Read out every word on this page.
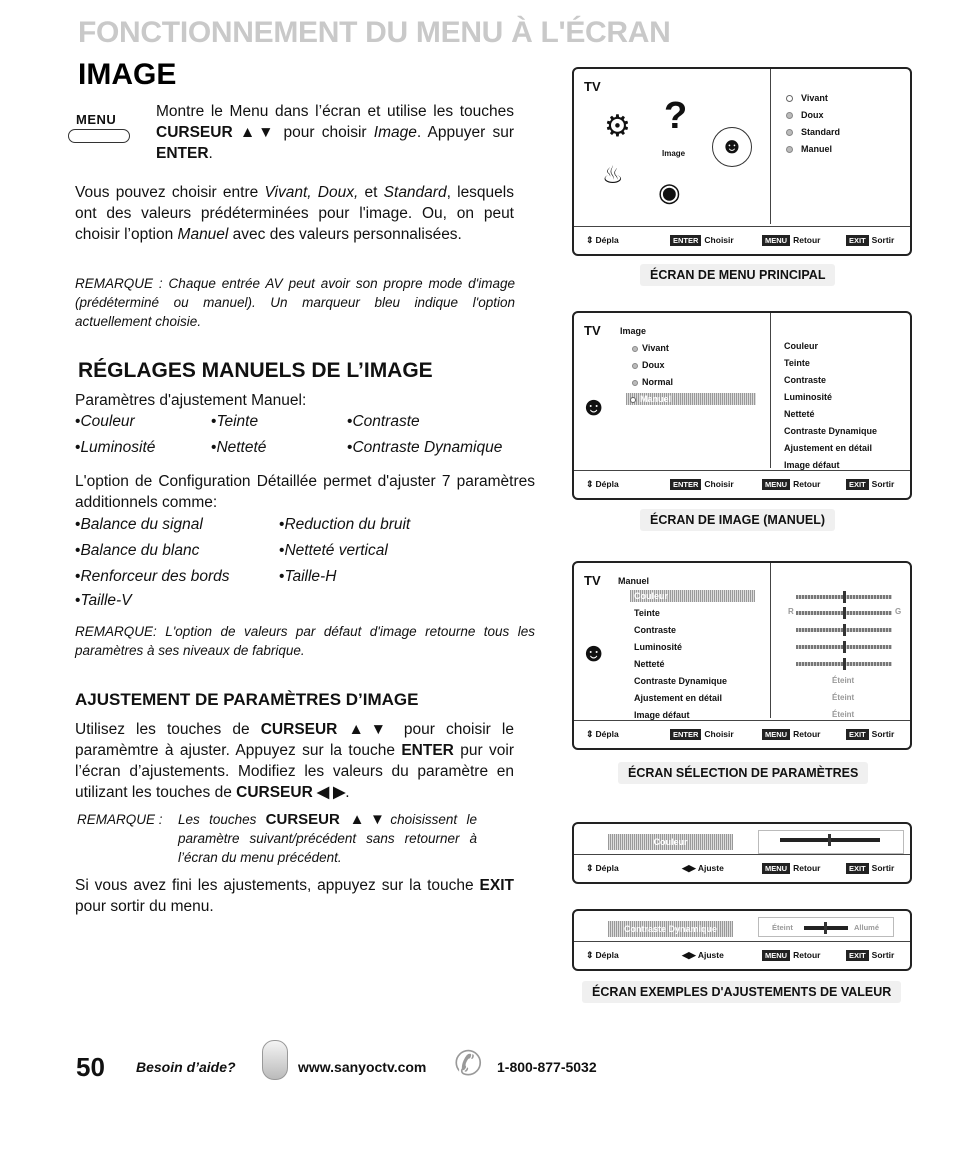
FONCTIONNEMENT DU MENU À L'ÉCRAN
IMAGE
MENU	Montre le Menu dans l’écran et utilise les touches CURSEUR ▲▼ pour choisir Image. Appuyer sur ENTER.
Vous pouvez choisir entre Vivant, Doux, et Standard, lesquels ont des valeurs prédéterminées pour l'image. Ou, on peut choisir l’option Manuel avec des valeurs personnalisées.
REMARQUE : Chaque entrée AV peut avoir son propre mode d'image (prédéterminé ou manuel). Un marqueur bleu indique l'option actuellement choisie.
RÉGLAGES MANUELS DE L’IMAGE
Paramètres d'ajustement Manuel:
• Couleur	• Teinte	• Contraste
• Luminosité	• Netteté	• Contraste Dynamique
L'option de Configuration Détaillée permet d'ajuster 7 paramètres additionnels comme:
• Balance du signal	• Reduction du bruit
• Balance du blanc	• Netteté vertical
• Renforceur des bords	• Taille-H
• Taille-V
REMARQUE: L'option de valeurs par défaut d'image retourne tous les paramètres à ses niveaux de fabrique.
AJUSTEMENT DE PARAMÈTRES D’IMAGE
Utilisez les touches de CURSEUR ▲▼ pour choisir le paramèmtre à ajuster. Appuyez sur la touche ENTER pur voir l’écran d’ajustements. Modifiez les valeurs du paramètre en utilizant les touches de CURSEUR ◀ ▶.
REMARQUE :	Les touches CURSEUR ▲▼choisissent le paramètre suivant/précédent sans retourner à l’écran du menu précédent.
Si vous avez fini les ajustements, appuyez sur la touche EXIT pour sortir du menu.
TV
⚙ ?
Image	☻
♨
◉
Vivant
Doux
Standard
Manuel
⇕ Dépla	ENTER Choisir	MENU Retour	EXIT Sortir
ÉCRAN DE MENU PRINCIPAL
TV Image
Vivant
Doux
Normal
Manuel
☻
Couleur
Teinte
Contraste
Luminosité
Netteté
Contraste Dynamique
Ajustement en détail
Image défaut
⇕ Dépla	ENTER Choisir	MENU Retour	EXIT Sortir
ÉCRAN DE IMAGE (MANUEL)
TV Manuel
Couleur
Teinte
Contraste
Luminosité
Netteté
Contraste Dynamique
Ajustement en détail
Image défaut
☻
R	G
Éteint
Éteint
Éteint
⇕ Dépla	ENTER Choisir	MENU Retour	EXIT Sortir
ÉCRAN SÉLECTION DE PARAMÈTRES
Couleur
⇕ Dépla	◀▶ Ajuste	MENU Retour	EXIT Sortir
Contraste Dynamique	Éteint	Allumé
⇕ Dépla	◀▶ Ajuste	MENU Retour	EXIT Sortir
ÉCRAN EXEMPLES D'AJUSTEMENTS DE VALEUR
50 Besoin d’aide?	www.sanyoctv.com ✆ 1-800-877-5032
